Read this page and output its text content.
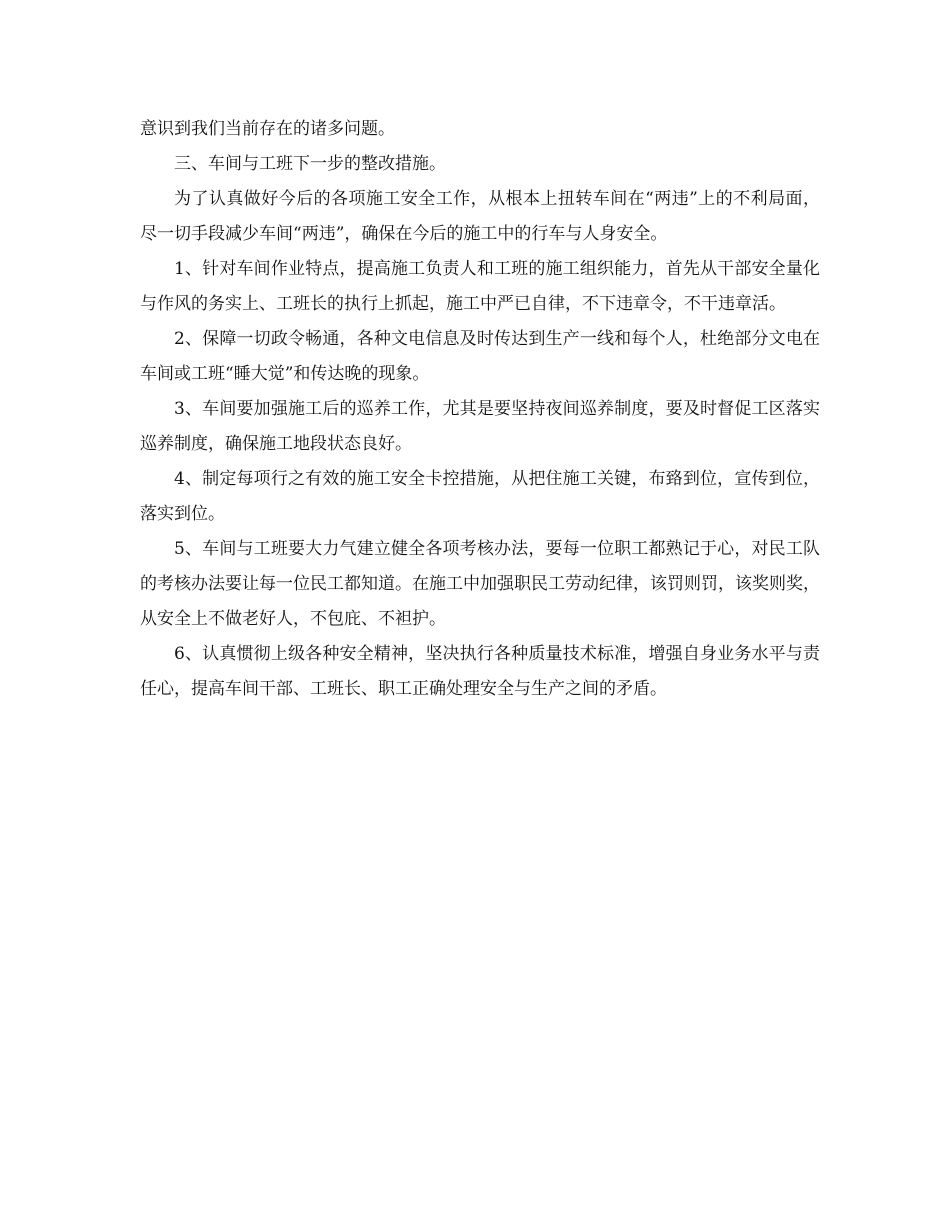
意识到我们当前存在的诸多问题。

三、车间与工班下一步的整改措施。

为了认真做好今后的各项施工安全工作，从根本上扭转车间在“两违”上的不利局面，尽一切手段减少车间“两违”，确保在今后的施工中的行车与人身安全。

1、针对车间作业特点，提高施工负责人和工班的施工组织能力，首先从干部安全量化与作风的务实上、工班长的执行上抓起，施工中严已自律，不下违章令，不干违章活。

2、保障一切政令畅通，各种文电信息及时传达到生产一线和每个人，杜绝部分文电在车间或工班“睡大觉”和传达晚的现象。

3、车间要加强施工后的巡养工作，尤其是要坚持夜间巡养制度，要及时督促工区落实巡养制度，确保施工地段状态良好。

4、制定每项行之有效的施工安全卡控措施，从把住施工关键，布臵到位，宣传到位，落实到位。

5、车间与工班要大力气建立健全各项考核办法，要每一位职工都熟记于心，对民工队的考核办法要让每一位民工都知道。在施工中加强职民工劳动纪律，该罚则罚，该奖则奖，从安全上不做老好人，不包庇、不袒护。

6、认真惯彻上级各种安全精神，坚决执行各种质量技术标准，增强自身业务水平与责任心，提高车间干部、工班长、职工正确处理安全与生产之间的矛盾。
